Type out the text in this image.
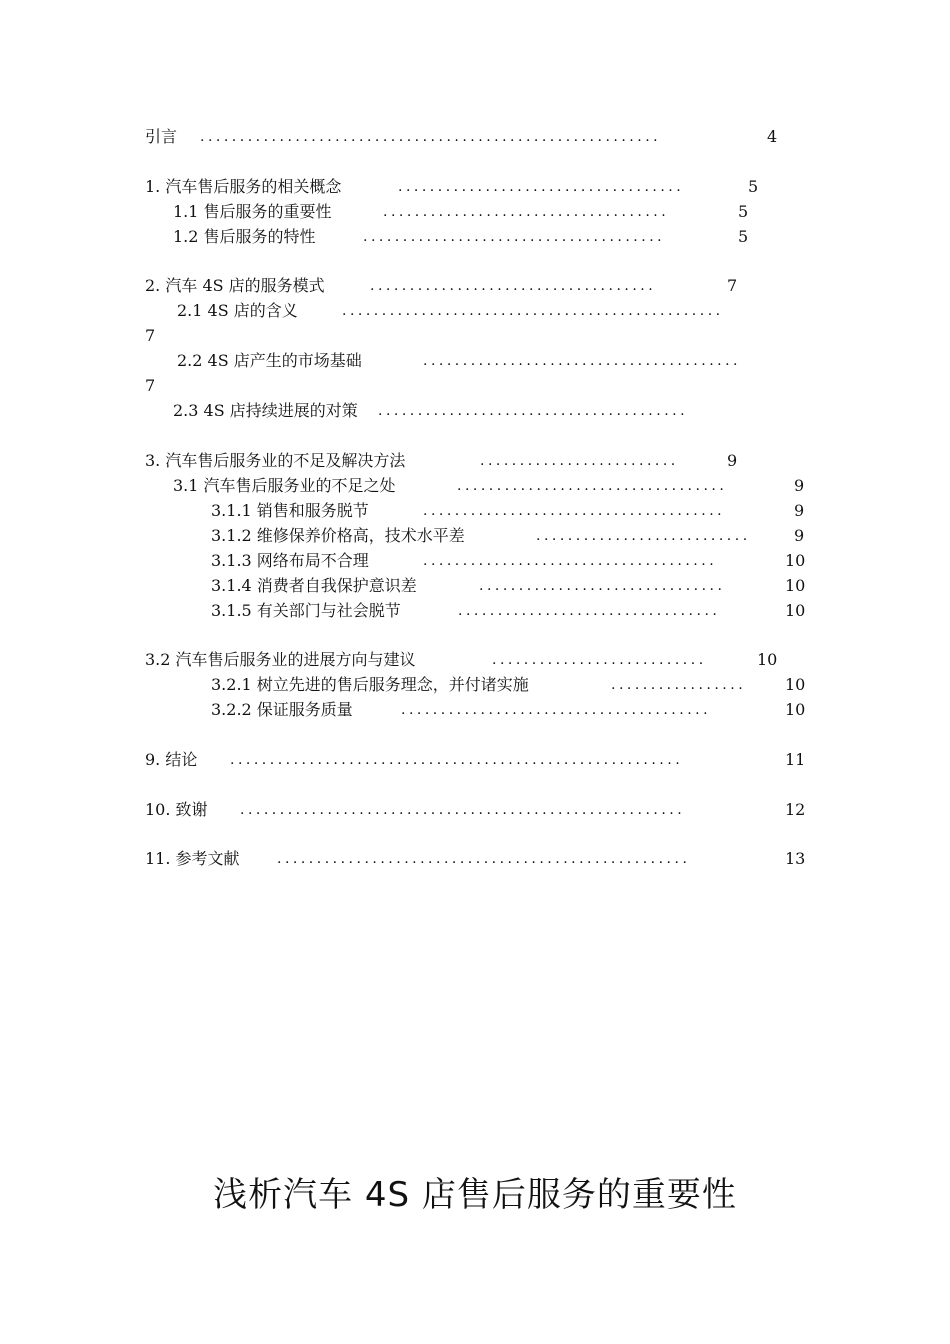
引言 ..........................................................	4
1. 汽车售后服务的相关概念	....................................	5
1.1 售后服务的重要性	....................................	5
1.2 售后服务的特性	......................................	5
2. 汽车 4S 店的服务模式	....................................	7
2.1 4S 店的含义	................................................
7
2.2 4S 店产生的市场基础	........................................
7
2.3 4S 店持续进展的对策 .......................................
3. 汽车售后服务业的不足及解决方法	.........................	9
3.1 汽车售后服务业的不足之处	..................................	9
3.1.1 销售和服务脱节	......................................	9
3.1.2 维修保养价格高，技术水平差	...........................	9
3.1.3 网络布局不合理	.....................................	10
3.1.4 消费者自我保护意识差	...............................	10
3.1.5 有关部门与社会脱节	.................................	10
3.2 汽车售后服务业的进展方向与建议	...........................	10
3.2.1 树立先进的售后服务理念，并付诸实施	.................	10
3.2.2 保证服务质量	.......................................	10
9. 结论 .........................................................	11
10. 致谢 ........................................................	12
11. 参考文献	....................................................	13
浅析汽车 4S 店售后服务的重要性
